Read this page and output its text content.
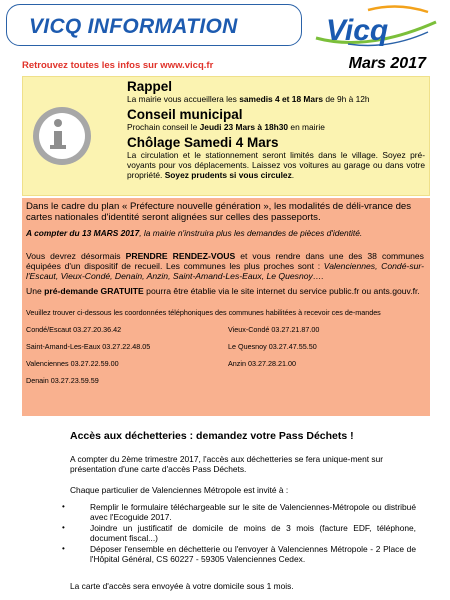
VICQ INFORMATION	Vicq
Retrouvez toutes les infos sur www.vicq.fr	Mars 2017
Rappel
La mairie vous accueillera les samedis 4 et 18 Mars de 9h à 12h
Conseil municipal
Prochain conseil le Jeudi 23 Mars à 18h30 en mairie
Chôlage Samedi 4 Mars
La circulation et le stationnement seront limités dans le village. Soyez pré-voyants pour vos déplacements. Laissez vos voitures au garage ou dans votre propriété. Soyez prudents si vous circulez.
Dans le cadre du plan « Préfecture nouvelle génération », les modalités de déli-vrance des cartes nationales d'identité seront alignées sur celles des passeports.
A compter du 13 MARS 2017, la mairie n'instruira plus les demandes de pièces d'identité.
Vous devrez désormais PRENDRE RENDEZ-VOUS et vous rendre dans une des 38 communes équipées d'un dispositif de recueil. Les communes les plus proches sont : Valenciennes, Condé-sur-l'Escaut, Vieux-Condé, Denain, Anzin, Saint-Amand-Les-Eaux, Le Quesnoy….
Une pré-demande GRATUITE pourra être établie via le site internet du service public.fr ou ants.gouv.fr.
Veuillez trouver ci-dessous les coordonnées téléphoniques des communes habilitées à recevoir ces de-mandes
Condé/Escaut 03.27.20.36.42	Vieux-Condé 03.27.21.87.00
Saint-Amand-Les-Eaux 03.27.22.48.05	Le Quesnoy 03.27.47.55.50
Valenciennes 03.27.22.59.00	Anzin 03.27.28.21.00
Denain 03.27.23.59.59
Accès aux déchetteries : demandez votre Pass Déchets !
A compter du 2ème trimestre 2017, l'accès aux déchetteries se fera unique-ment sur présentation d'une carte d'accès Pass Déchets.
Chaque particulier de Valenciennes Métropole est invité à :
•	Remplir le formulaire téléchargeable sur le site de Valenciennes-Métropole ou distribué avec l'Ecoguide 2017.
•	Joindre un justificatif de domicile de moins de 3 mois (facture EDF, téléphone, document fiscal...)
•	Déposer l'ensemble en déchetterie ou l'envoyer à Valenciennes Métropole - 2 Place de l'Hôpital Général, CS 60227 - 59305 Valenciennes Cedex.
La carte d'accès sera envoyée à votre domicile sous 1 mois.
